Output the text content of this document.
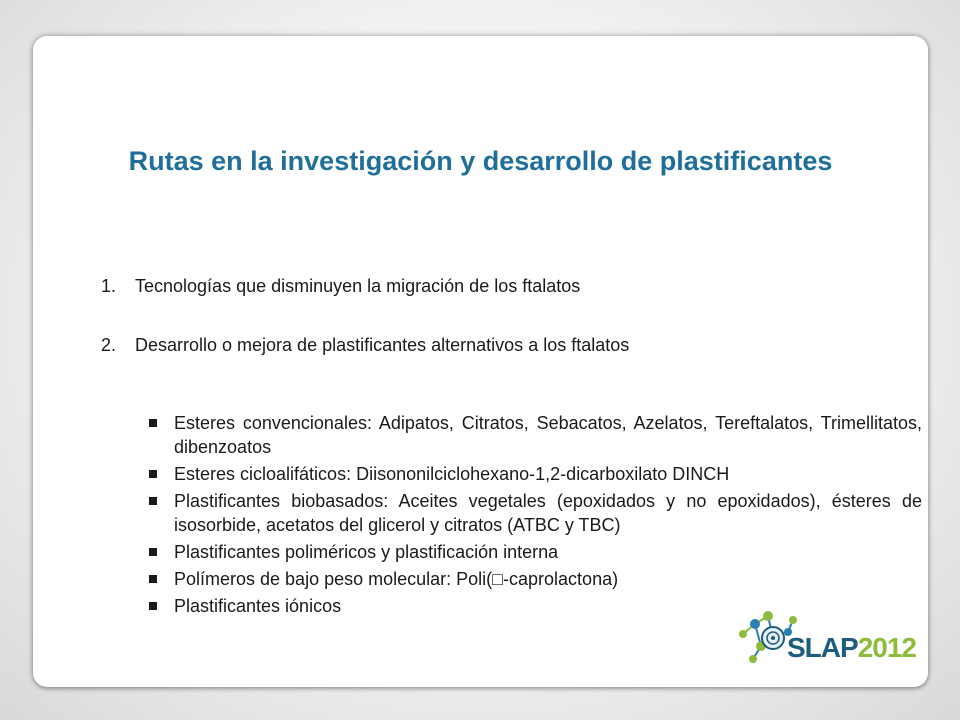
Rutas en la investigación y desarrollo de plastificantes
1.	Tecnologías que disminuyen la migración de los ftalatos
2.	Desarrollo o mejora de plastificantes alternativos a los ftalatos
Esteres convencionales: Adipatos, Citratos, Sebacatos, Azelatos, Tereftalatos, Trimellitatos, dibenzoatos
Esteres cicloalifáticos: Diisononilciclohexano-1,2-dicarboxilato DINCH
Plastificantes biobasados: Aceites vegetales (epoxidados y no epoxidados), ésteres de isosorbide, acetatos del glicerol y citratos (ATBC y TBC)
Plastificantes poliméricos y plastificación interna
Polímeros de bajo peso molecular: Poli(□-caprolactona)
Plastificantes iónicos
SLAP2012
